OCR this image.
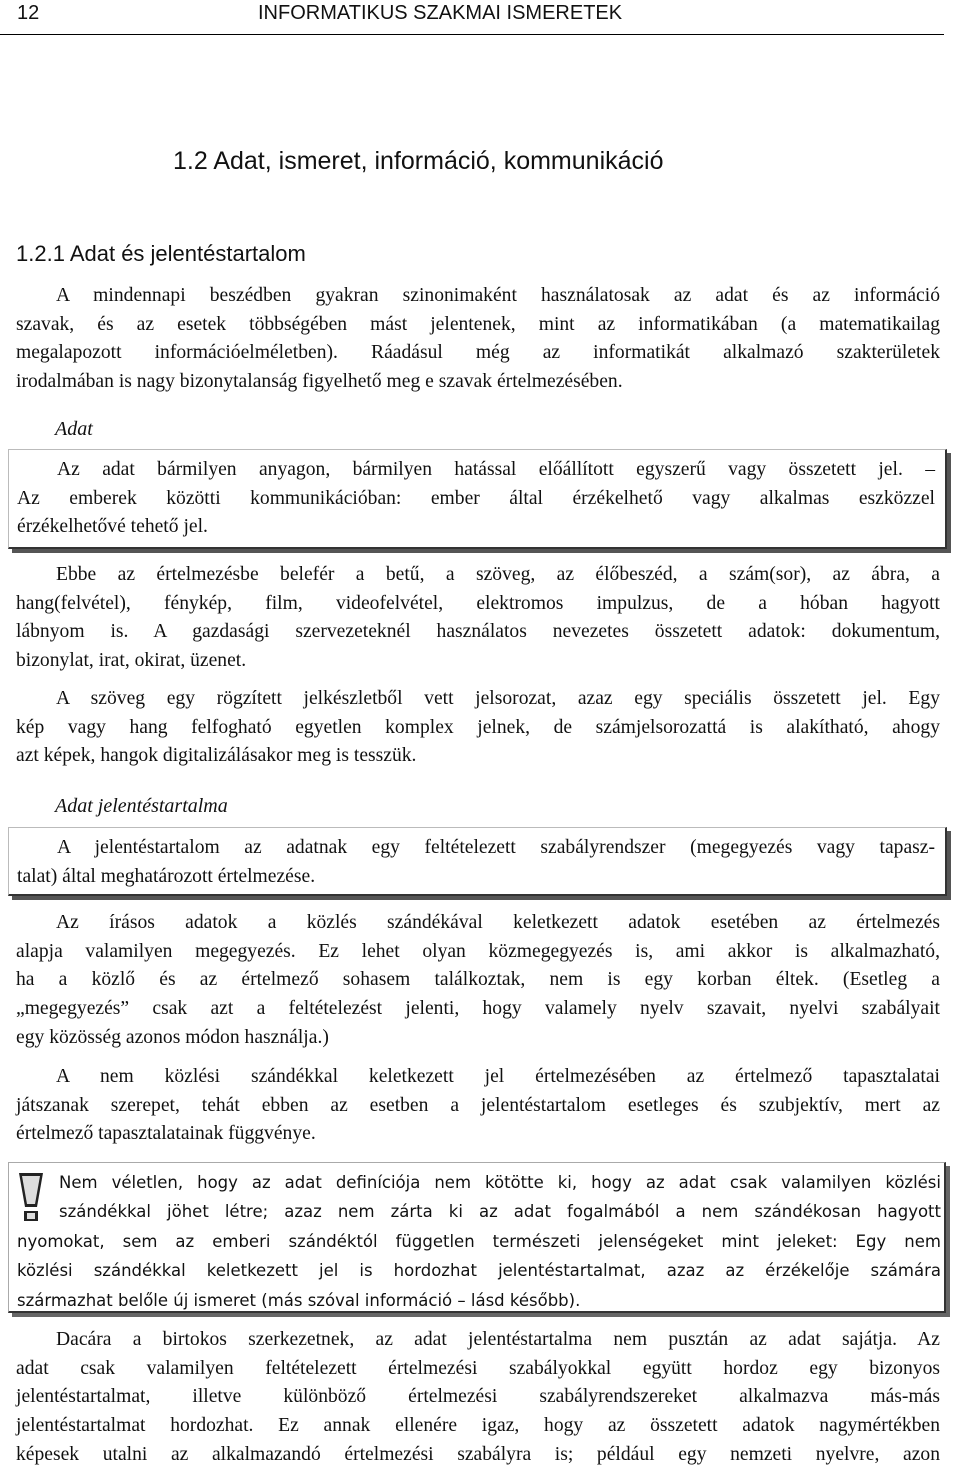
12	INFORMATIKUS SZAKMAI ISMERETEK
1.2 Adat, ismeret, információ, kommunikáció
1.2.1 Adat és jelentéstartalom
A mindennapi beszédben gyakran szinonimaként használatosak az adat és az információ
szavak, és az esetek többségében mást jelentenek, mint az informatikában (a matematikailag
megalapozott információelméletben). Ráadásul még az informatikát alkalmazó szakterületek
irodalmában is nagy bizonytalanság figyelhető meg e szavak értelmezésében.
Adat
Az adat bármilyen anyagon, bármilyen hatással előállított egyszerű vagy összetett jel. –
Az emberek közötti kommunikációban: ember által érzékelhető vagy alkalmas eszközzel
érzékelhetővé tehető jel.
Ebbe az értelmezésbe belefér a betű, a szöveg, az élőbeszéd, a szám(sor), az ábra, a
hang(felvétel), fénykép, film, videofelvétel, elektromos impulzus, de a hóban hagyott
lábnyom is. A gazdasági szervezeteknél használatos nevezetes összetett adatok: dokumentum,
bizonylat, irat, okirat, üzenet.
A szöveg egy rögzített jelkészletből vett jelsorozat, azaz egy speciális összetett jel. Egy
kép vagy hang felfogható egyetlen komplex jelnek, de számjelsorozattá is alakítható, ahogy
azt képek, hangok digitalizálásakor meg is tesszük.
Adat jelentéstartalma
A jelentéstartalom az adatnak egy feltételezett szabályrendszer (megegyezés vagy tapasz-
talat) által meghatározott értelmezése.
Az írásos adatok a közlés szándékával keletkezett adatok esetében az értelmezés
alapja valamilyen megegyezés. Ez lehet olyan közmegegyezés is, ami akkor is alkalmazható,
ha a közlő és az értelmező sohasem találkoztak, nem is egy korban éltek. (Esetleg a
„megegyezés” csak azt a feltételezést jelenti, hogy valamely nyelv szavait, nyelvi szabályait
egy közösség azonos módon használja.)
A nem közlési szándékkal keletkezett jel értelmezésében az értelmező tapasztalatai
játszanak szerepet, tehát ebben az esetben a jelentéstartalom esetleges és szubjektív, mert az
értelmező tapasztalatainak függvénye.
Nem véletlen, hogy az adat definíciója nem kötötte ki, hogy az adat csak valamilyen közlési
szándékkal jöhet létre; azaz nem zárta ki az adat fogalmából a nem szándékosan hagyott
nyomokat, sem az emberi szándéktól független természeti jelenségeket mint jeleket: Egy nem
közlési szándékkal keletkezett jel is hordozhat jelentéstartalmat, azaz az érzékelője számára
származhat belőle új ismeret (más szóval információ – lásd később).
Dacára a birtokos szerkezetnek, az adat jelentéstartalma nem pusztán az adat sajátja. Az
adat csak valamilyen feltételezett értelmezési szabályokkal együtt hordoz egy bizonyos
jelentéstartalmat, illetve különböző értelmezési szabályrendszereket alkalmazva más-más
jelentéstartalmat hordozhat. Ez annak ellenére igaz, hogy az összetett adatok nagymértékben
képesek utalni az alkalmazandó értelmezési szabályra is; például egy nemzeti nyelvre, azon
